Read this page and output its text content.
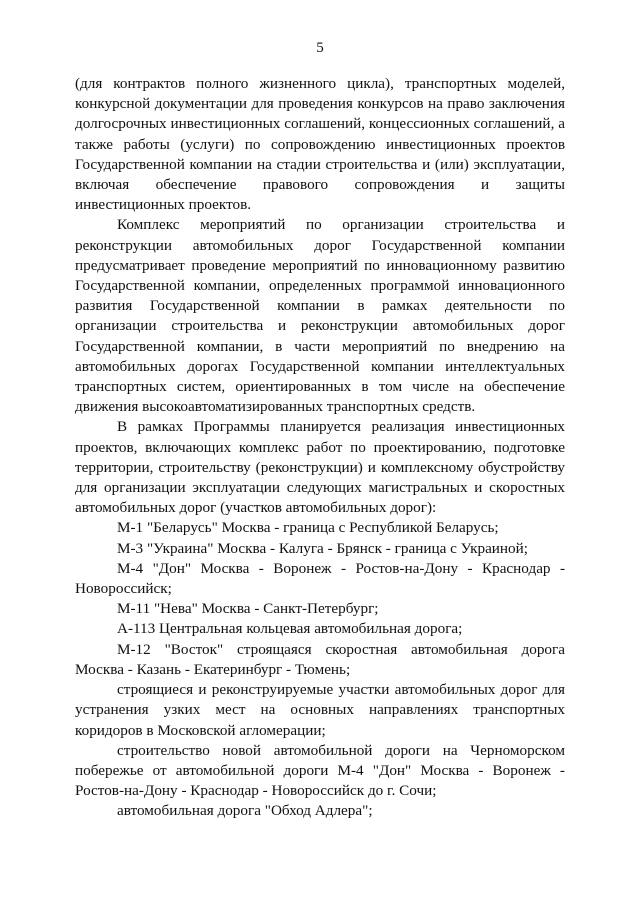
5

(для контрактов полного жизненного цикла), транспортных моделей, конкурсной документации для проведения конкурсов на право заключения долгосрочных инвестиционных соглашений, концессионных соглашений, а также работы (услуги) по сопровождению инвестиционных проектов Государственной компании на стадии строительства и (или) эксплуатации, включая обеспечение правового сопровождения и защиты инвестиционных проектов.

Комплекс мероприятий по организации строительства и реконструкции автомобильных дорог Государственной компании предусматривает проведение мероприятий по инновационному развитию Государственной компании, определенных программой инновационного развития Государственной компании в рамках деятельности по организации строительства и реконструкции автомобильных дорог Государственной компании, в части мероприятий по внедрению на автомобильных дорогах Государственной компании интеллектуальных транспортных систем, ориентированных в том числе на обеспечение движения высокоавтоматизированных транспортных средств.

В рамках Программы планируется реализация инвестиционных проектов, включающих комплекс работ по проектированию, подготовке территории, строительству (реконструкции) и комплексному обустройству для организации эксплуатации следующих магистральных и скоростных автомобильных дорог (участков автомобильных дорог):

М-1 "Беларусь" Москва - граница с Республикой Беларусь;

М-3 "Украина" Москва - Калуга - Брянск - граница с Украиной;

М-4 "Дон" Москва - Воронеж - Ростов-на-Дону - Краснодар - Новороссийск;

М-11 "Нева" Москва - Санкт-Петербург;

А-113 Центральная кольцевая автомобильная дорога;

М-12 "Восток" строящаяся скоростная автомобильная дорога Москва - Казань - Екатеринбург - Тюмень;

строящиеся и реконструируемые участки автомобильных дорог для устранения узких мест на основных направлениях транспортных коридоров в Московской агломерации;

строительство новой автомобильной дороги на Черноморском побережье от автомобильной дороги М-4 "Дон" Москва - Воронеж - Ростов-на-Дону - Краснодар - Новороссийск до г. Сочи;

автомобильная дорога "Обход Адлера";
